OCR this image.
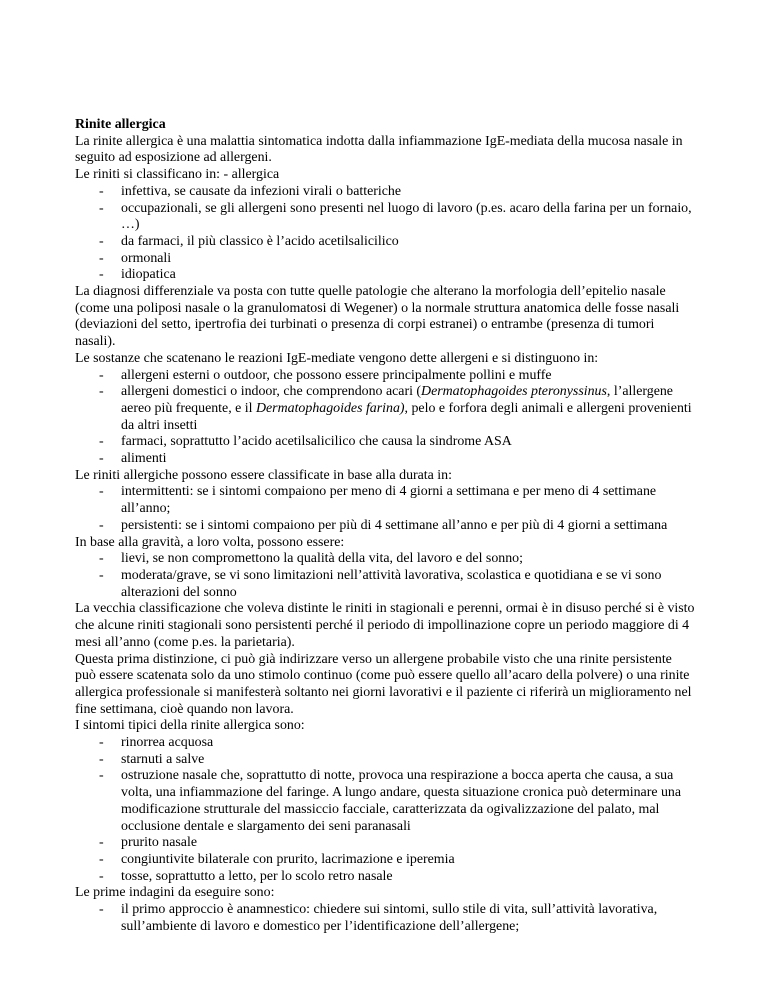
Rinite allergica
La rinite allergica è una malattia sintomatica indotta dalla infiammazione IgE-mediata della mucosa nasale in seguito ad esposizione ad allergeni.
Le riniti si classificano in: - allergica
- infettiva, se causate da infezioni virali o batteriche
- occupazionali, se gli allergeni sono presenti nel luogo di lavoro (p.es. acaro della farina per un fornaio, …)
- da farmaci, il più classico è l’acido acetilsalicilico
- ormonali
- idiopatica
La diagnosi differenziale va posta con tutte quelle patologie che alterano la morfologia dell’epitelio nasale (come una poliposi nasale o la granulomatosi di Wegener) o la normale struttura anatomica delle fosse nasali (deviazioni del setto, ipertrofia dei turbinati o presenza di corpi estranei) o entrambe (presenza di tumori nasali).
Le sostanze che scatenano le reazioni IgE-mediate vengono dette allergeni e si distinguono in:
- allergeni esterni o outdoor, che possono essere principalmente pollini e muffe
- allergeni domestici o indoor, che comprendono acari (Dermatophagoides pteronyssinus, l’allergene aereo più frequente, e il Dermatophagoides farina), pelo e forfora degli animali e allergeni provenienti da altri insetti
- farmaci, soprattutto l’acido acetilsalicilico che causa la sindrome ASA
- alimenti
Le riniti allergiche possono essere classificate in base alla durata in:
- intermittenti: se i sintomi compaiono per meno di 4 giorni a settimana e per meno di 4 settimane all’anno;
- persistenti: se i sintomi compaiono per più di 4 settimane all’anno e per più di 4 giorni a settimana
In base alla gravità, a loro volta, possono essere:
- lievi, se non compromettono la qualità della vita, del lavoro e del sonno;
- moderata/grave, se vi sono limitazioni nell’attività lavorativa, scolastica e quotidiana e se vi sono alterazioni del sonno
La vecchia classificazione che voleva distinte le riniti in stagionali e perenni, ormai è in disuso perché si è visto che alcune riniti stagionali sono persistenti perché il periodo di impollinazione copre un periodo maggiore di 4 mesi all’anno (come p.es. la parietaria).
Questa prima distinzione, ci può già indirizzare verso un allergene probabile visto che una rinite persistente può essere scatenata solo da uno stimolo continuo (come può essere quello all’acaro della polvere) o una rinite allergica professionale si manifesterà soltanto nei giorni lavorativi e il paziente ci riferirà un miglioramento nel fine settimana, cioè quando non lavora.
I sintomi tipici della rinite allergica sono:
- rinorrea acquosa
- starnuti a salve
- ostruzione nasale che, soprattutto di notte, provoca una respirazione a bocca aperta che causa, a sua volta, una infiammazione del faringe. A lungo andare, questa situazione cronica può determinare una modificazione strutturale del massiccio facciale, caratterizzata da ogivalizzazione del palato, mal occlusione dentale e slargamento dei seni paranasali
- prurito nasale
- congiuntivite bilaterale con prurito, lacrimazione e iperemia
- tosse, soprattutto a letto, per lo scolo retro nasale
Le prime indagini da eseguire sono:
- il primo approccio è anamnestico: chiedere sui sintomi, sullo stile di vita, sull’attività lavorativa, sull’ambiente di lavoro e domestico per l’identificazione dell’allergene;
